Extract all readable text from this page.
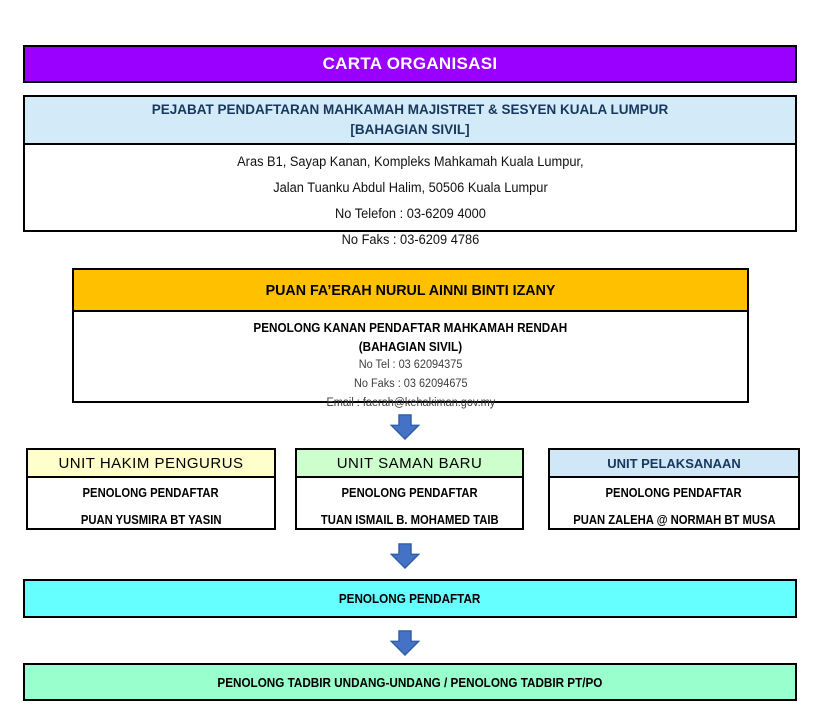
CARTA ORGANISASI
PEJABAT PENDAFTARAN MAHKAMAH MAJISTRET & SESYEN KUALA LUMPUR
[BAHAGIAN SIVIL]
Aras B1, Sayap Kanan, Kompleks Mahkamah Kuala Lumpur,
Jalan Tuanku Abdul Halim, 50506 Kuala Lumpur
No Telefon : 03-6209 4000
No Faks : 03-6209 4786
PUAN FA’ERAH NURUL AINNI BINTI IZANY
PENOLONG KANAN PENDAFTAR MAHKAMAH RENDAH
(BAHAGIAN SIVIL)
No Tel : 03 62094375
No Faks : 03 62094675
Email : faerah@kehakiman.gov.my
UNIT HAKIM PENGURUS
PENOLONG PENDAFTAR
PUAN YUSMIRA BT YASIN
UNIT SAMAN BARU
PENOLONG PENDAFTAR
TUAN ISMAIL B. MOHAMED TAIB
UNIT PELAKSANAAN
PENOLONG PENDAFTAR
PUAN ZALEHA @ NORMAH BT MUSA
PENOLONG PENDAFTAR
PENOLONG TADBIR UNDANG-UNDANG / PENOLONG TADBIR PT/PO
